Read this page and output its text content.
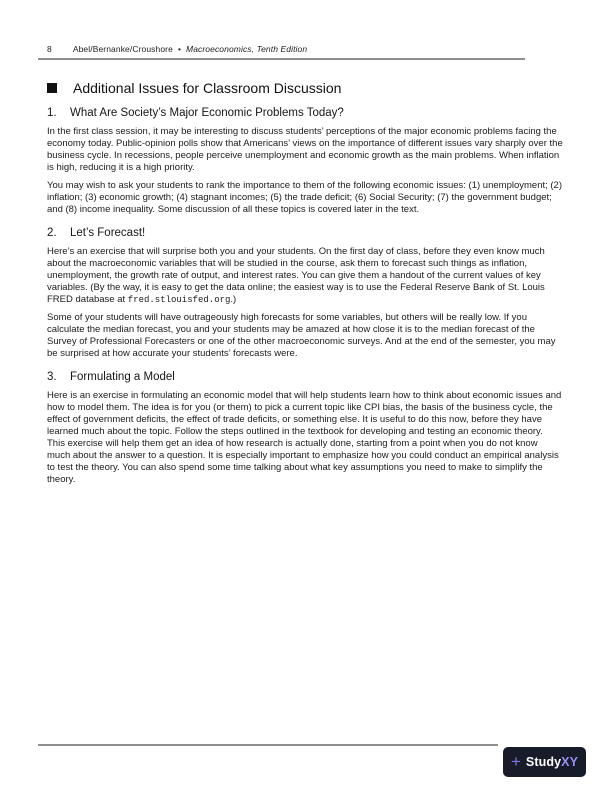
8 Abel/Bernanke/Croushore • Macroeconomics, Tenth Edition
Additional Issues for Classroom Discussion
1.	What Are Society’s Major Economic Problems Today?

In the first class session, it may be interesting to discuss students’ perceptions of the major economic problems facing the economy today. Public-opinion polls show that Americans’ views on the importance of different issues vary sharply over the business cycle. In recessions, people perceive unemployment and economic growth as the main problems. When inflation is high, reducing it is a high priority.

You may wish to ask your students to rank the importance to them of the following economic issues: (1) unemployment; (2) inflation; (3) economic growth; (4) stagnant incomes; (5) the trade deficit; (6) Social Security; (7) the government budget; and (8) income inequality. Some discussion of all these topics is covered later in the text.

2.	Let’s Forecast!

Here’s an exercise that will surprise both you and your students. On the first day of class, before they even know much about the macroeconomic variables that will be studied in the course, ask them to forecast such things as inflation, unemployment, the growth rate of output, and interest rates. You can give them a handout of the current values of key variables. (By the way, it is easy to get the data online; the easiest way is to use the Federal Reserve Bank of St. Louis FRED database at fred.stlouisfed.org.)

Some of your students will have outrageously high forecasts for some variables, but others will be really low. If you calculate the median forecast, you and your students may be amazed at how close it is to the median forecast of the Survey of Professional Forecasters or one of the other macroeconomic surveys. And at the end of the semester, you may be surprised at how accurate your students’ forecasts were.

3.	Formulating a Model

Here is an exercise in formulating an economic model that will help students learn how to think about economic issues and how to model them. The idea is for you (or them) to pick a current topic like CPI bias, the basis of the business cycle, the effect of government deficits, the effect of trade deficits, or something else. It is useful to do this now, before they have learned much about the topic. Follow the steps outlined in the textbook for developing and testing an economic theory. This exercise will help them get an idea of how research is actually done, starting from a point when you do not know much about the answer to a question. It is especially important to emphasize how you could conduct an empirical analysis to test the theory. You can also spend some time talking about what key assumptions you need to make to simplify the theory.

+ Study XY
